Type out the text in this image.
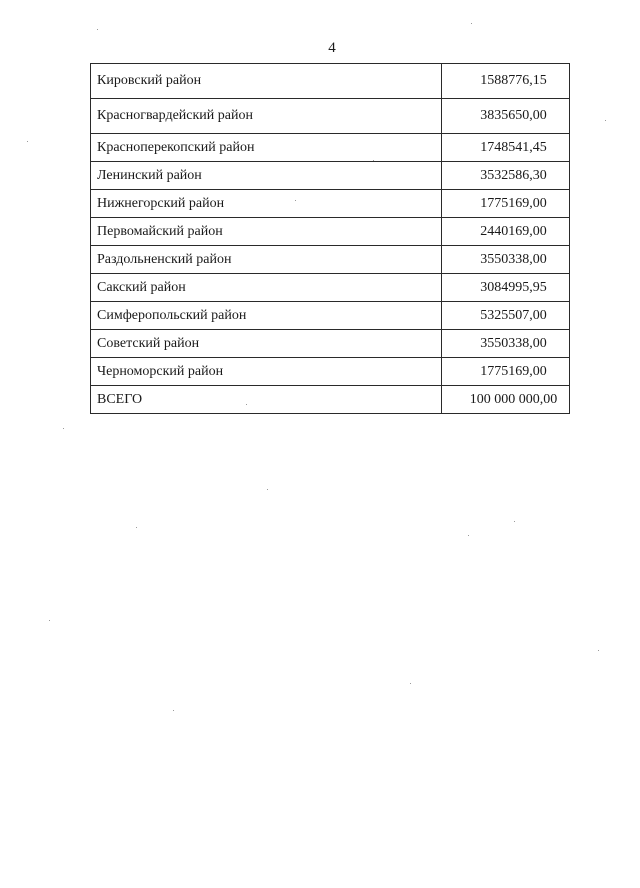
4
Кировский район	1588776,15
Красногвардейский район	3835650,00
Красноперекопский район	1748541,45
Ленинский район	3532586,30
Нижнегорский район	1775169,00
Первомайский район	2440169,00
Раздольненский район	3550338,00
Сакский район	3084995,95
Симферопольский район	5325507,00
Советский район	3550338,00
Черноморский район	1775169,00
ВСЕГО	100 000 000,00
